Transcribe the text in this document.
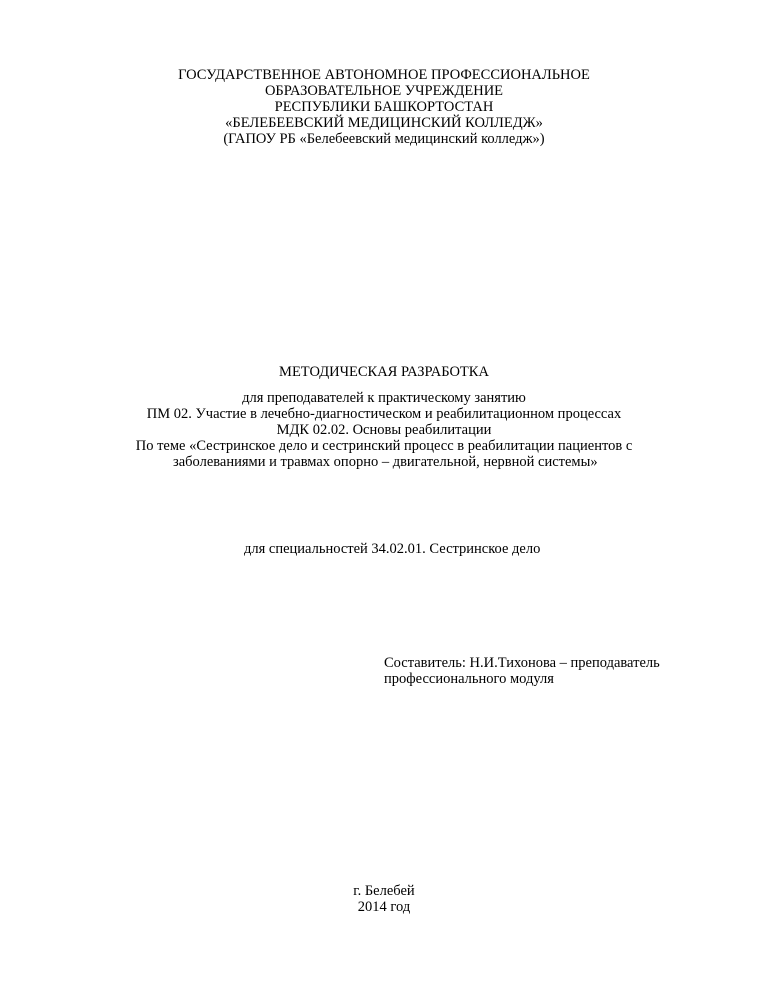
ГОСУДАРСТВЕННОЕ АВТОНОМНОЕ ПРОФЕССИОНАЛЬНОЕ
ОБРАЗОВАТЕЛЬНОЕ УЧРЕЖДЕНИЕ
РЕСПУБЛИКИ БАШКОРТОСТАН
«БЕЛЕБЕЕВСКИЙ МЕДИЦИНСКИЙ КОЛЛЕДЖ»
(ГАПОУ РБ «Белебеевский медицинский колледж»)
МЕТОДИЧЕСКАЯ РАЗРАБОТКА
для преподавателей к практическому занятию
ПМ 02. Участие в лечебно-диагностическом и реабилитационном процессах
МДК 02.02. Основы реабилитации
По теме «Сестринское дело и сестринский процесс в реабилитации пациентов с
заболеваниями и травмах опорно – двигательной, нервной системы»
для специальностей 34.02.01. Сестринское дело
Составитель: Н.И.Тихонова – преподаватель
профессионального модуля
г. Белебей
2014 год
